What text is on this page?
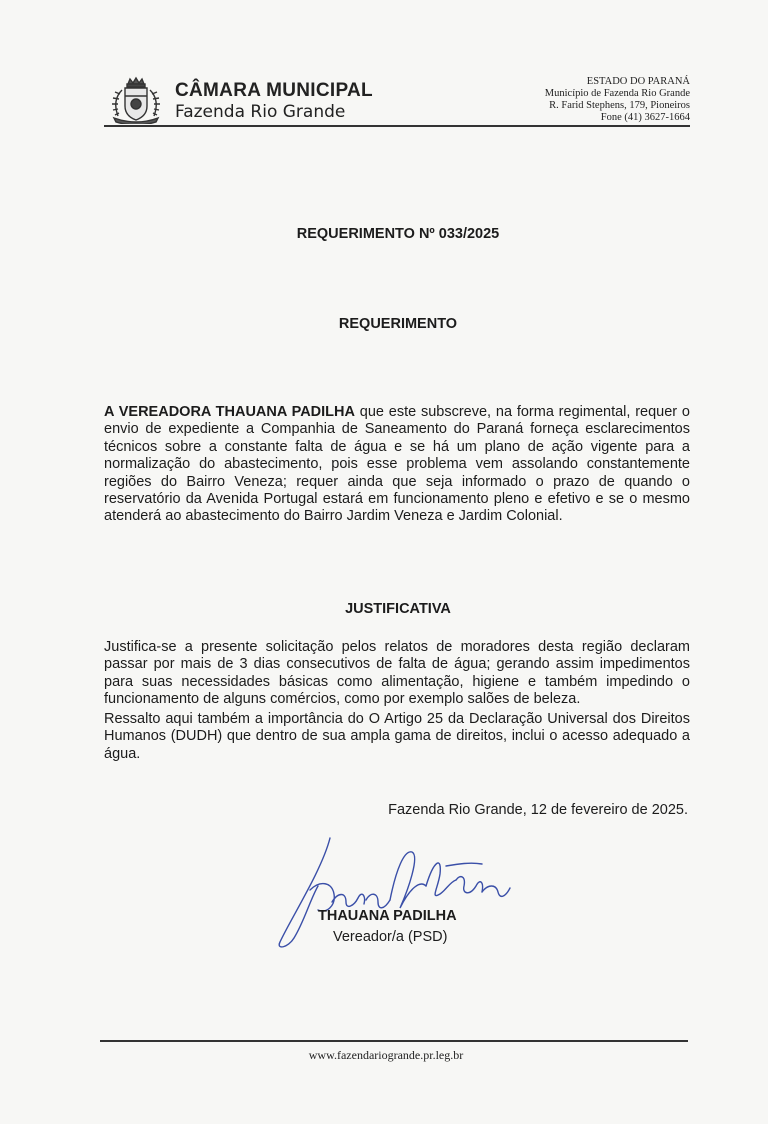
CÂMARA MUNICIPAL
Fazenda Rio Grande
ESTADO DO PARANÁ
Município de Fazenda Rio Grande
R. Farid Stephens, 179, Pioneiros
Fone (41) 3627-1664
REQUERIMENTO Nº 033/2025
REQUERIMENTO
A VEREADORA THAUANA PADILHA que este subscreve, na forma regimental, requer o envio de expediente a Companhia de Saneamento do Paraná forneça esclarecimentos técnicos sobre a constante falta de água e se há um plano de ação vigente para a normalização do abastecimento, pois esse problema vem assolando constantemente regiões do Bairro Veneza; requer ainda que seja informado o prazo de quando o reservatório da Avenida Portugal estará em funcionamento pleno e efetivo e se o mesmo atenderá ao abastecimento do Bairro Jardim Veneza e Jardim Colonial.
JUSTIFICATIVA
Justifica-se a presente solicitação pelos relatos de moradores desta região declaram passar por mais de 3 dias consecutivos de falta de água; gerando assim impedimentos para suas necessidades básicas como alimentação, higiene e também impedindo o funcionamento de alguns comércios, como por exemplo salões de beleza.
Ressalto aqui também a importância do O Artigo 25 da Declaração Universal dos Direitos Humanos (DUDH) que dentro de sua ampla gama de direitos, inclui o acesso adequado a água.
Fazenda Rio Grande, 12 de fevereiro de 2025.
THAUANA PADILHA
Vereador/a (PSD)
www.fazendariogrande.pr.leg.br
